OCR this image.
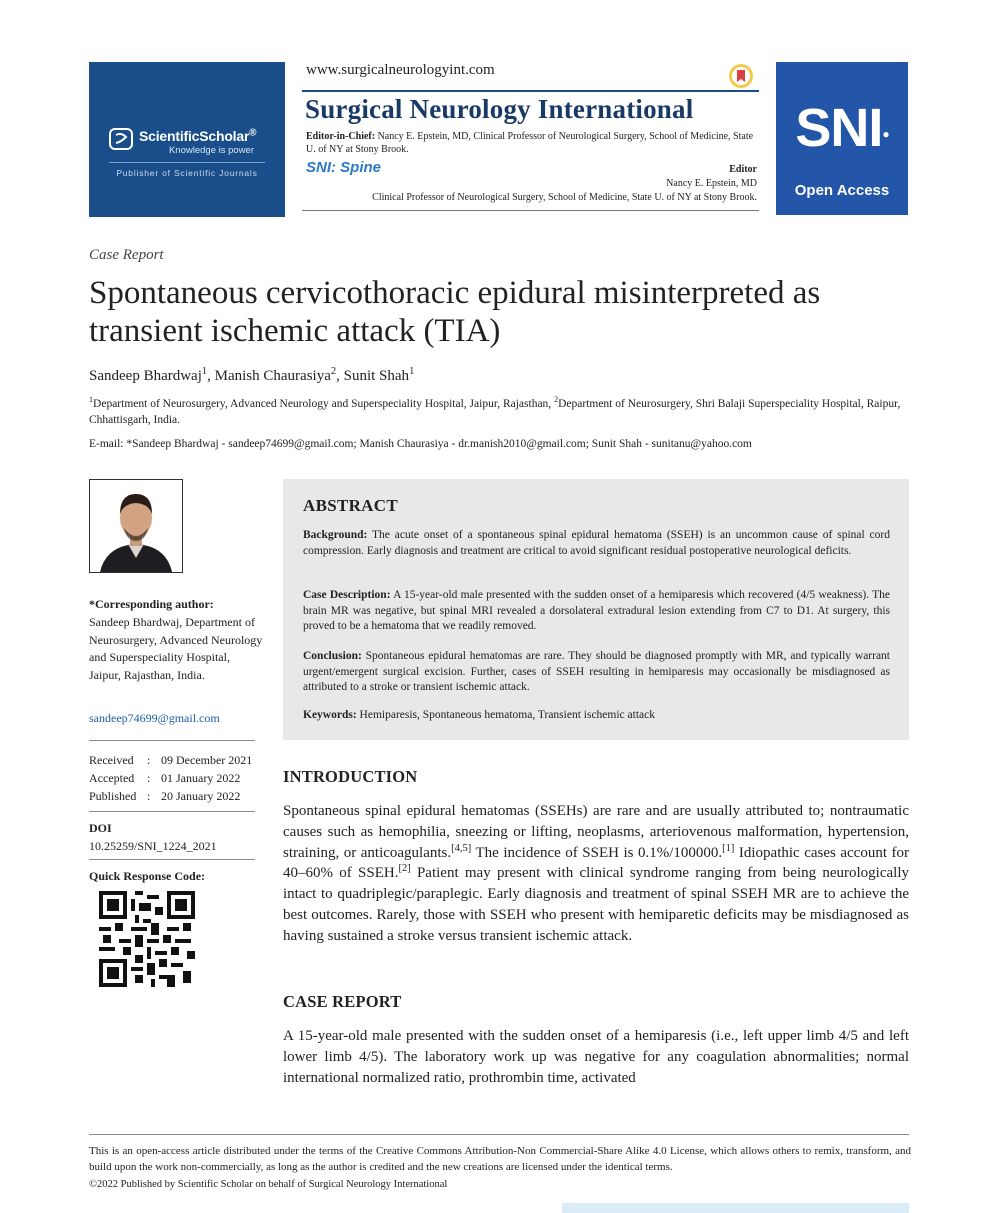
ScientificScholar®
Knowledge is power
Publisher of Scientific Journals
www.surgicalneurologyint.com
Surgical Neurology International
Editor-in-Chief: Nancy E. Epstein, MD, Clinical Professor of Neurological Surgery, School of Medicine, State U. of NY at Stony Brook.
SNI: Spine	Editor
Nancy E. Epstein, MD
Clinical Professor of Neurological Surgery, School of Medicine, State U. of NY at Stony Brook.
SNI●
Open Access
Case Report
Spontaneous cervicothoracic epidural misinterpreted as transient ischemic attack (TIA)
Sandeep Bhardwaj$^1$, Manish Chaurasiya$^2$, Sunit Shah$^1$
$^1$Department of Neurosurgery, Advanced Neurology and Superspeciality Hospital, Jaipur, Rajasthan, $^2$Department of Neurosurgery, Shri Balaji Superspeciality Hospital, Raipur, Chhattisgarh, India.
E-mail: *Sandeep Bhardwaj - sandeep74699@gmail.com; Manish Chaurasiya - dr.manish2010@gmail.com; Sunit Shah - sunitanu@yahoo.com
*Corresponding author:
Sandeep Bhardwaj, Department of Neurosurgery, Advanced Neurology and Superspeciality Hospital, Jaipur, Rajasthan, India.
sandeep74699@gmail.com
Received : 09 December 2021
Accepted : 01 January 2022
Published : 20 January 2022
DOI
10.25259/SNI_1224_2021
Quick Response Code:
ABSTRACT
Background: The acute onset of a spontaneous spinal epidural hematoma (SSEH) is an uncommon cause of spinal cord compression. Early diagnosis and treatment are critical to avoid significant residual postoperative neurological deficits.
Case Description: A 15-year-old male presented with the sudden onset of a hemiparesis which recovered (4/5 weakness). The brain MR was negative, but spinal MRI revealed a dorsolateral extradural lesion extending from C7 to D1. At surgery, this proved to be a hematoma that we readily removed.
Conclusion: Spontaneous epidural hematomas are rare. They should be diagnosed promptly with MR, and typically warrant urgent/emergent surgical excision. Further, cases of SSEH resulting in hemiparesis may occasionally be misdiagnosed as attributed to a stroke or transient ischemic attack.
Keywords: Hemiparesis, Spontaneous hematoma, Transient ischemic attack
INTRODUCTION
Spontaneous spinal epidural hematomas (SSEHs) are rare and are usually attributed to; nontraumatic causes such as hemophilia, sneezing or lifting, neoplasms, arteriovenous malformation, hypertension, straining, or anticoagulants.[4,5] The incidence of SSEH is 0.1%/100000.[1] Idiopathic cases account for 40–60% of SSEH.[2] Patient may present with clinical syndrome ranging from being neurologically intact to quadriplegic/paraplegic. Early diagnosis and treatment of spinal SSEH MR are to achieve the best outcomes. Rarely, those with SSEH who present with hemiparetic deficits may be misdiagnosed as having sustained a stroke versus transient ischemic attack.
CASE REPORT
A 15-year-old male presented with the sudden onset of a hemiparesis (i.e., left upper limb 4/5 and left lower limb 4/5). The laboratory work up was negative for any coagulation abnormalities; normal international normalized ratio, prothrombin time, activated
This is an open-access article distributed under the terms of the Creative Commons Attribution-Non Commercial-Share Alike 4.0 License, which allows others to remix, transform, and build upon the work non-commercially, as long as the author is credited and the new creations are licensed under the identical terms.
©2022 Published by Scientific Scholar on behalf of Surgical Neurology International
